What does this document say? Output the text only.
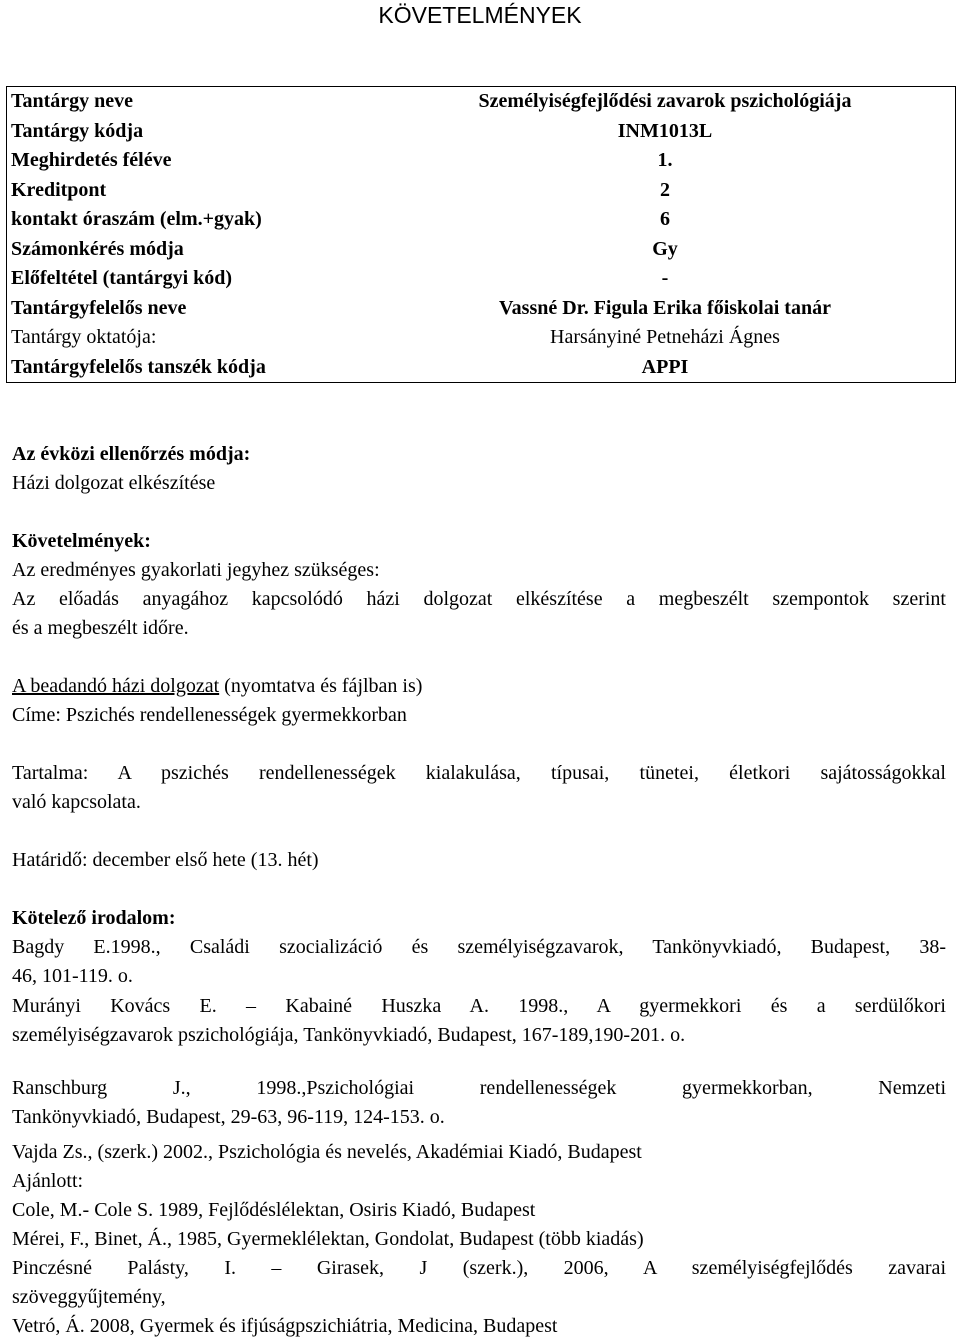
KÖVETELMÉNYEK
Tantárgy neve	Személyiségfejlődési zavarok pszichológiája
Tantárgy kódja	INM1013L
Meghirdetés féléve	1.
Kreditpont	2
kontakt óraszám (elm.+gyak)	6
Számonkérés módja	Gy
Előfeltétel (tantárgyi kód)	-
Tantárgyfelelős neve	Vassné Dr. Figula Erika főiskolai tanár
Tantárgy oktatója:	Harsányiné Petneházi Ágnes
Tantárgyfelelős tanszék kódja	APPI

Az évközi ellenőrzés módja:

Házi dolgozat elkészítése

Követelmények:

Az eredményes gyakorlati jegyhez szükséges:

Az előadás anyagához kapcsolódó házi dolgozat elkészítése a megbeszélt szempontok szerint

és a megbeszélt időre.

A beadandó házi dolgozat (nyomtatva és fájlban is)

Címe: Pszichés rendellenességek gyermekkorban

Tartalma: A pszichés rendellenességek kialakulása, típusai, tünetei, életkori sajátosságokkal

való kapcsolata.

Határidő: december első hete (13. hét)

Kötelező irodalom:

Bagdy E.1998., Családi szocializáció és személyiségzavarok, Tankönyvkiadó, Budapest, 38-

46, 101-119. o.

Murányi Kovács E. – Kabainé Huszka A. 1998., A gyermekkori és a serdülőkori

személyiségzavarok pszichológiája, Tankönyvkiadó, Budapest, 167-189,190-201. o.

Ranschburg J., 1998.,Pszichológiai rendellenességek gyermekkorban, Nemzeti

Tankönyvkiadó, Budapest, 29-63, 96-119, 124-153. o.

Vajda Zs., (szerk.) 2002., Pszichológia és nevelés, Akadémiai Kiadó, Budapest

Ajánlott:

Cole, M.- Cole S. 1989, Fejlődéslélektan, Osiris Kiadó, Budapest

Mérei, F., Binet, Á., 1985, Gyermeklélektan, Gondolat, Budapest (több kiadás)

Pinczésné Palásty, I. – Girasek, J (szerk.), 2006, A személyiségfejlődés zavarai

szöveggyűjtemény,

Vetró, Á. 2008, Gyermek és ifjúságpszichiátria, Medicina, Budapest
